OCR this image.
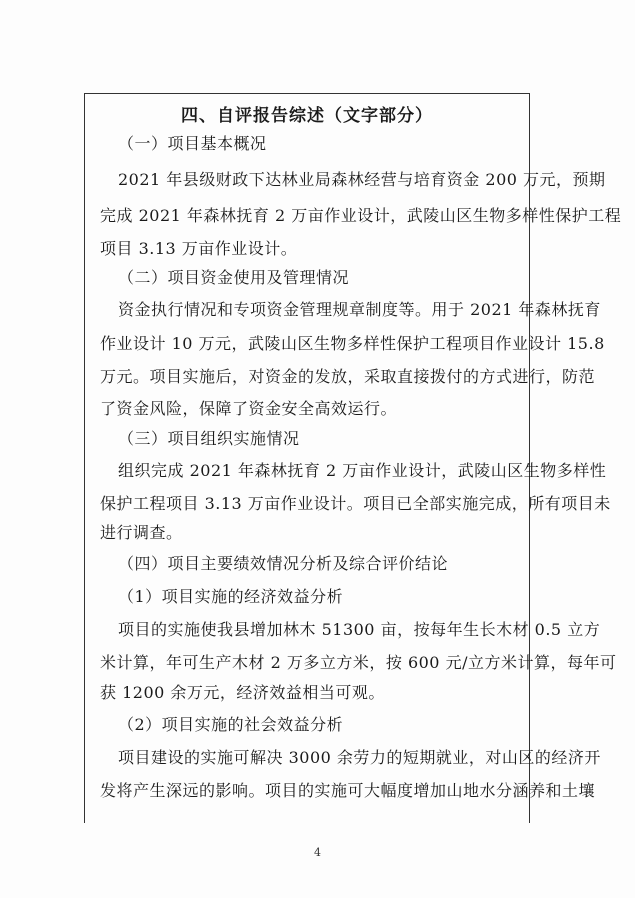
四、自评报告综述（文字部分）
（一）项目基本概况
2021 年县级财政下达林业局森林经营与培育资金 200 万元，预期
完成 2021 年森林抚育 2 万亩作业设计，武陵山区生物多样性保护工程
项目 3.13 万亩作业设计。
（二）项目资金使用及管理情况
资金执行情况和专项资金管理规章制度等。用于 2021 年森林抚育
作业设计 10 万元，武陵山区生物多样性保护工程项目作业设计 15.8
万元。项目实施后，对资金的发放，采取直接拨付的方式进行，防范
了资金风险，保障了资金安全高效运行。
（三）项目组织实施情况
组织完成 2021 年森林抚育 2 万亩作业设计，武陵山区生物多样性
保护工程项目 3.13 万亩作业设计。项目已全部实施完成，所有项目未
进行调查。
（四）项目主要绩效情况分析及综合评价结论
（1）项目实施的经济效益分析
项目的实施使我县增加林木 51300 亩，按每年生长木材 0.5 立方
米计算，年可生产木材 2 万多立方米，按 600 元/立方米计算，每年可
获 1200 余万元，经济效益相当可观。
（2）项目实施的社会效益分析
项目建设的实施可解决 3000 余劳力的短期就业，对山区的经济开
发将产生深远的影响。项目的实施可大幅度增加山地水分涵养和土壤
4
